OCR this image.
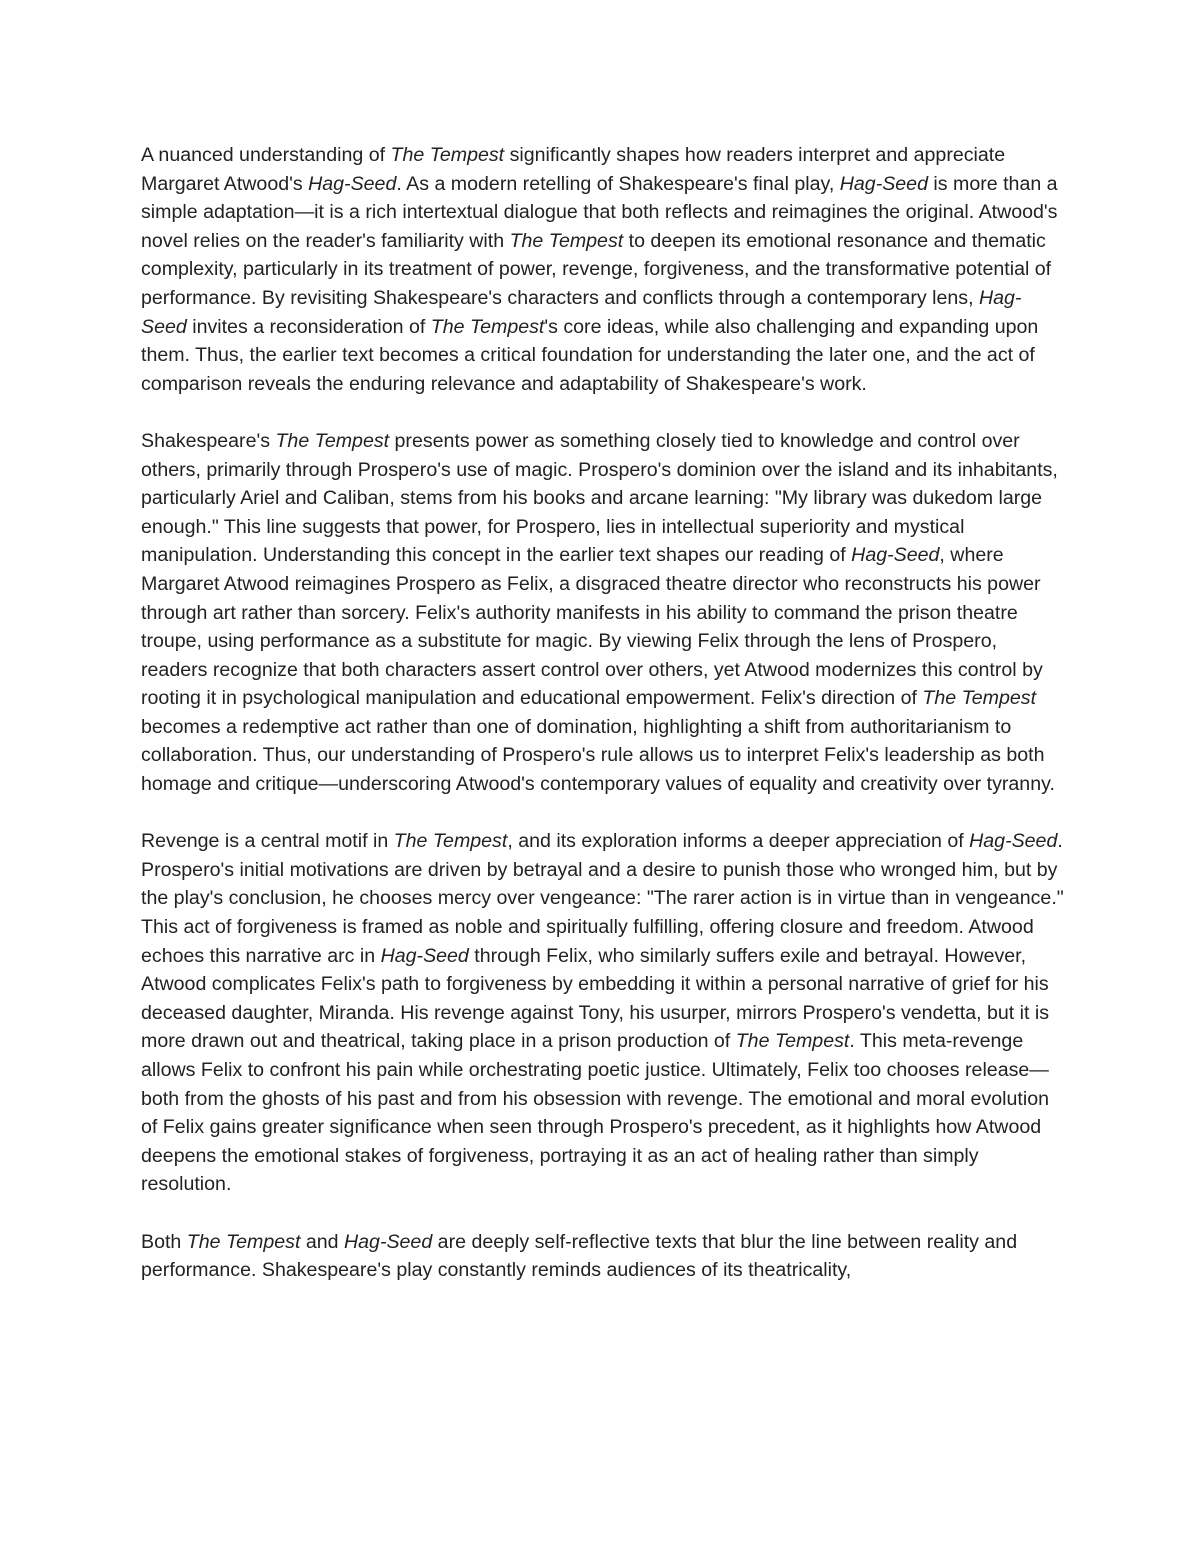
A nuanced understanding of The Tempest significantly shapes how readers interpret and appreciate Margaret Atwood's Hag-Seed. As a modern retelling of Shakespeare's final play, Hag-Seed is more than a simple adaptation—it is a rich intertextual dialogue that both reflects and reimagines the original. Atwood's novel relies on the reader's familiarity with The Tempest to deepen its emotional resonance and thematic complexity, particularly in its treatment of power, revenge, forgiveness, and the transformative potential of performance. By revisiting Shakespeare's characters and conflicts through a contemporary lens, Hag-Seed invites a reconsideration of The Tempest's core ideas, while also challenging and expanding upon them. Thus, the earlier text becomes a critical foundation for understanding the later one, and the act of comparison reveals the enduring relevance and adaptability of Shakespeare's work.

Shakespeare's The Tempest presents power as something closely tied to knowledge and control over others, primarily through Prospero's use of magic. Prospero's dominion over the island and its inhabitants, particularly Ariel and Caliban, stems from his books and arcane learning: "My library was dukedom large enough." This line suggests that power, for Prospero, lies in intellectual superiority and mystical manipulation. Understanding this concept in the earlier text shapes our reading of Hag-Seed, where Margaret Atwood reimagines Prospero as Felix, a disgraced theatre director who reconstructs his power through art rather than sorcery. Felix's authority manifests in his ability to command the prison theatre troupe, using performance as a substitute for magic. By viewing Felix through the lens of Prospero, readers recognize that both characters assert control over others, yet Atwood modernizes this control by rooting it in psychological manipulation and educational empowerment. Felix's direction of The Tempest becomes a redemptive act rather than one of domination, highlighting a shift from authoritarianism to collaboration. Thus, our understanding of Prospero's rule allows us to interpret Felix's leadership as both homage and critique—underscoring Atwood's contemporary values of equality and creativity over tyranny.

Revenge is a central motif in The Tempest, and its exploration informs a deeper appreciation of Hag-Seed. Prospero's initial motivations are driven by betrayal and a desire to punish those who wronged him, but by the play's conclusion, he chooses mercy over vengeance: "The rarer action is in virtue than in vengeance." This act of forgiveness is framed as noble and spiritually fulfilling, offering closure and freedom. Atwood echoes this narrative arc in Hag-Seed through Felix, who similarly suffers exile and betrayal. However, Atwood complicates Felix's path to forgiveness by embedding it within a personal narrative of grief for his deceased daughter, Miranda. His revenge against Tony, his usurper, mirrors Prospero's vendetta, but it is more drawn out and theatrical, taking place in a prison production of The Tempest. This meta-revenge allows Felix to confront his pain while orchestrating poetic justice. Ultimately, Felix too chooses release—both from the ghosts of his past and from his obsession with revenge. The emotional and moral evolution of Felix gains greater significance when seen through Prospero's precedent, as it highlights how Atwood deepens the emotional stakes of forgiveness, portraying it as an act of healing rather than simply resolution.

Both The Tempest and Hag-Seed are deeply self-reflective texts that blur the line between reality and performance. Shakespeare's play constantly reminds audiences of its theatricality,
